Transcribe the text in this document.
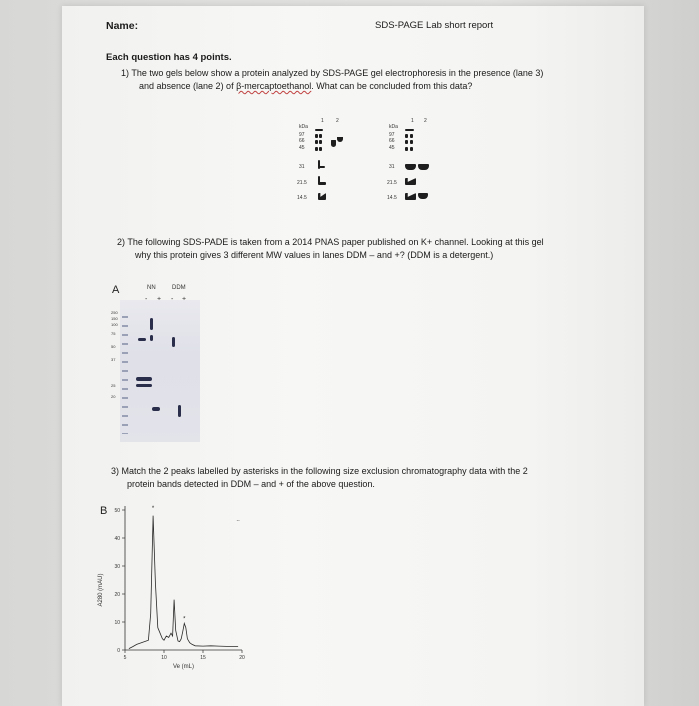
Name:	SDS-PAGE Lab short report
Each question has 4 points.
1) The two gels below show a protein analyzed by SDS-PAGE gel electrophoresis in the presence (lane 3)
and absence (lane 2) of β-mercaptoethanol. What can be concluded from this data?
kDa
1 2
97
66
45
31
21.5
14.5
kDa
1 2
97
66
45
31
21.5
14.5
2) The following SDS-PADE is taken from a 2014 PNAS paper published on K+ channel. Looking at this gel
why this protein gives 3 different MW values in lanes DDM – and +? (DDM is a detergent.)
A	NN	DDM
250
150
100
75
50
37
25
20
3) Match the 2 peaks labelled by asterisks in the following size exclusion chromatography data with the 2
protein bands detected in DDM – and + of the above question.
B
0
10
20
30
40
50
5	10	15	20
A280 (mAU)
Ve (mL)
*
*
..
